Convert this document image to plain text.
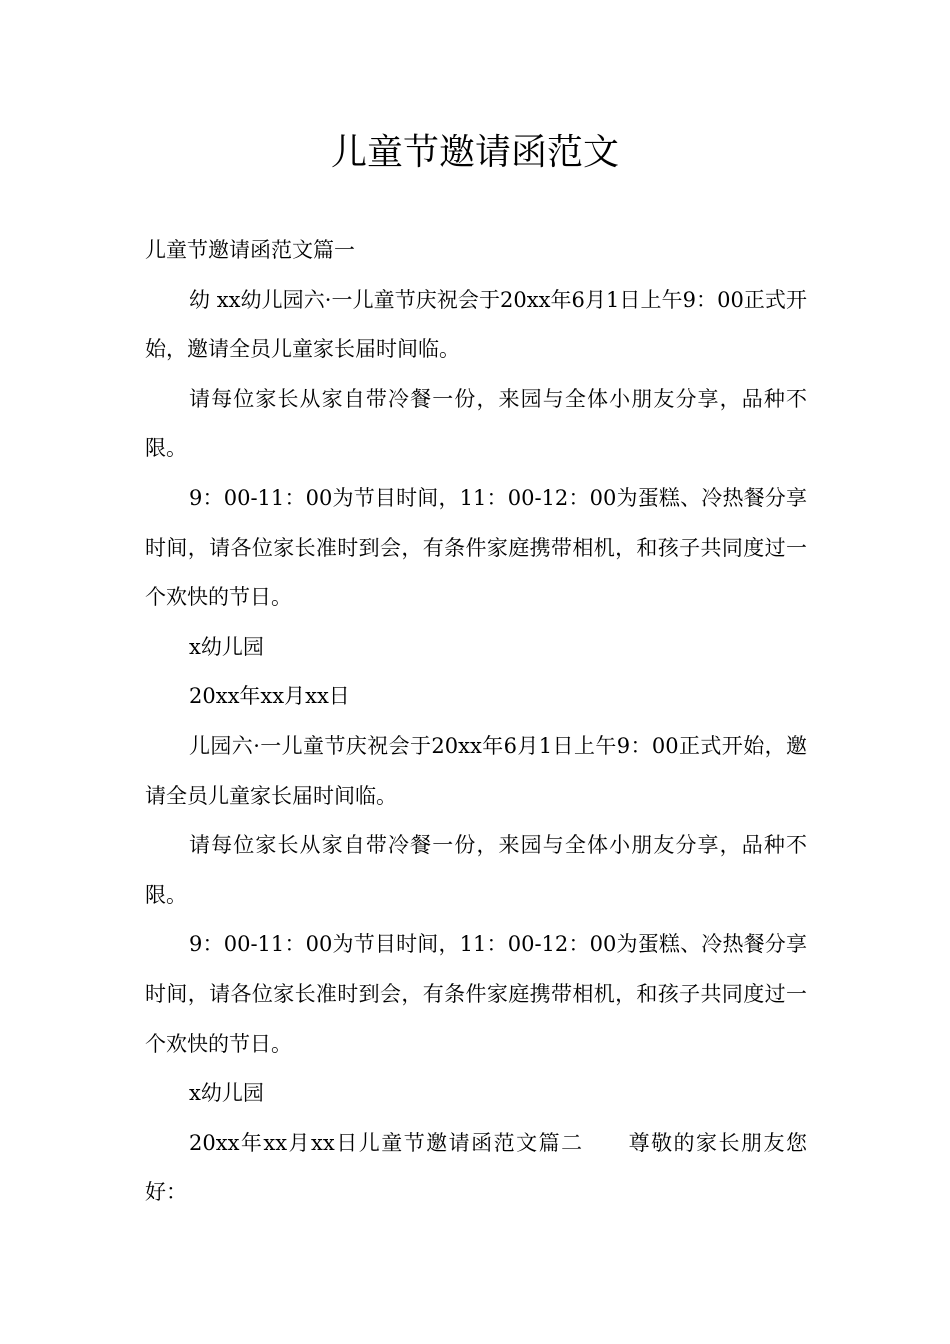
儿童节邀请函范文

儿童节邀请函范文篇一

幼 xx幼儿园六·一儿童节庆祝会于20xx年6月1日上午9：00正式开始，邀请全员儿童家长届时间临。

请每位家长从家自带冷餐一份，来园与全体小朋友分享，品种不限。

9：00-11：00为节目时间，11：00-12：00为蛋糕、冷热餐分享时间，请各位家长准时到会，有条件家庭携带相机，和孩子共同度过一个欢快的节日。

x幼儿园

20xx年xx月xx日

儿园六·一儿童节庆祝会于20xx年6月1日上午9：00正式开始，邀请全员儿童家长届时间临。

请每位家长从家自带冷餐一份，来园与全体小朋友分享，品种不限。

9：00-11：00为节目时间，11：00-12：00为蛋糕、冷热餐分享时间，请各位家长准时到会，有条件家庭携带相机，和孩子共同度过一个欢快的节日。

x幼儿园

20xx年xx月xx日儿童节邀请函范文篇二　　尊敬的家长朋友您好：
